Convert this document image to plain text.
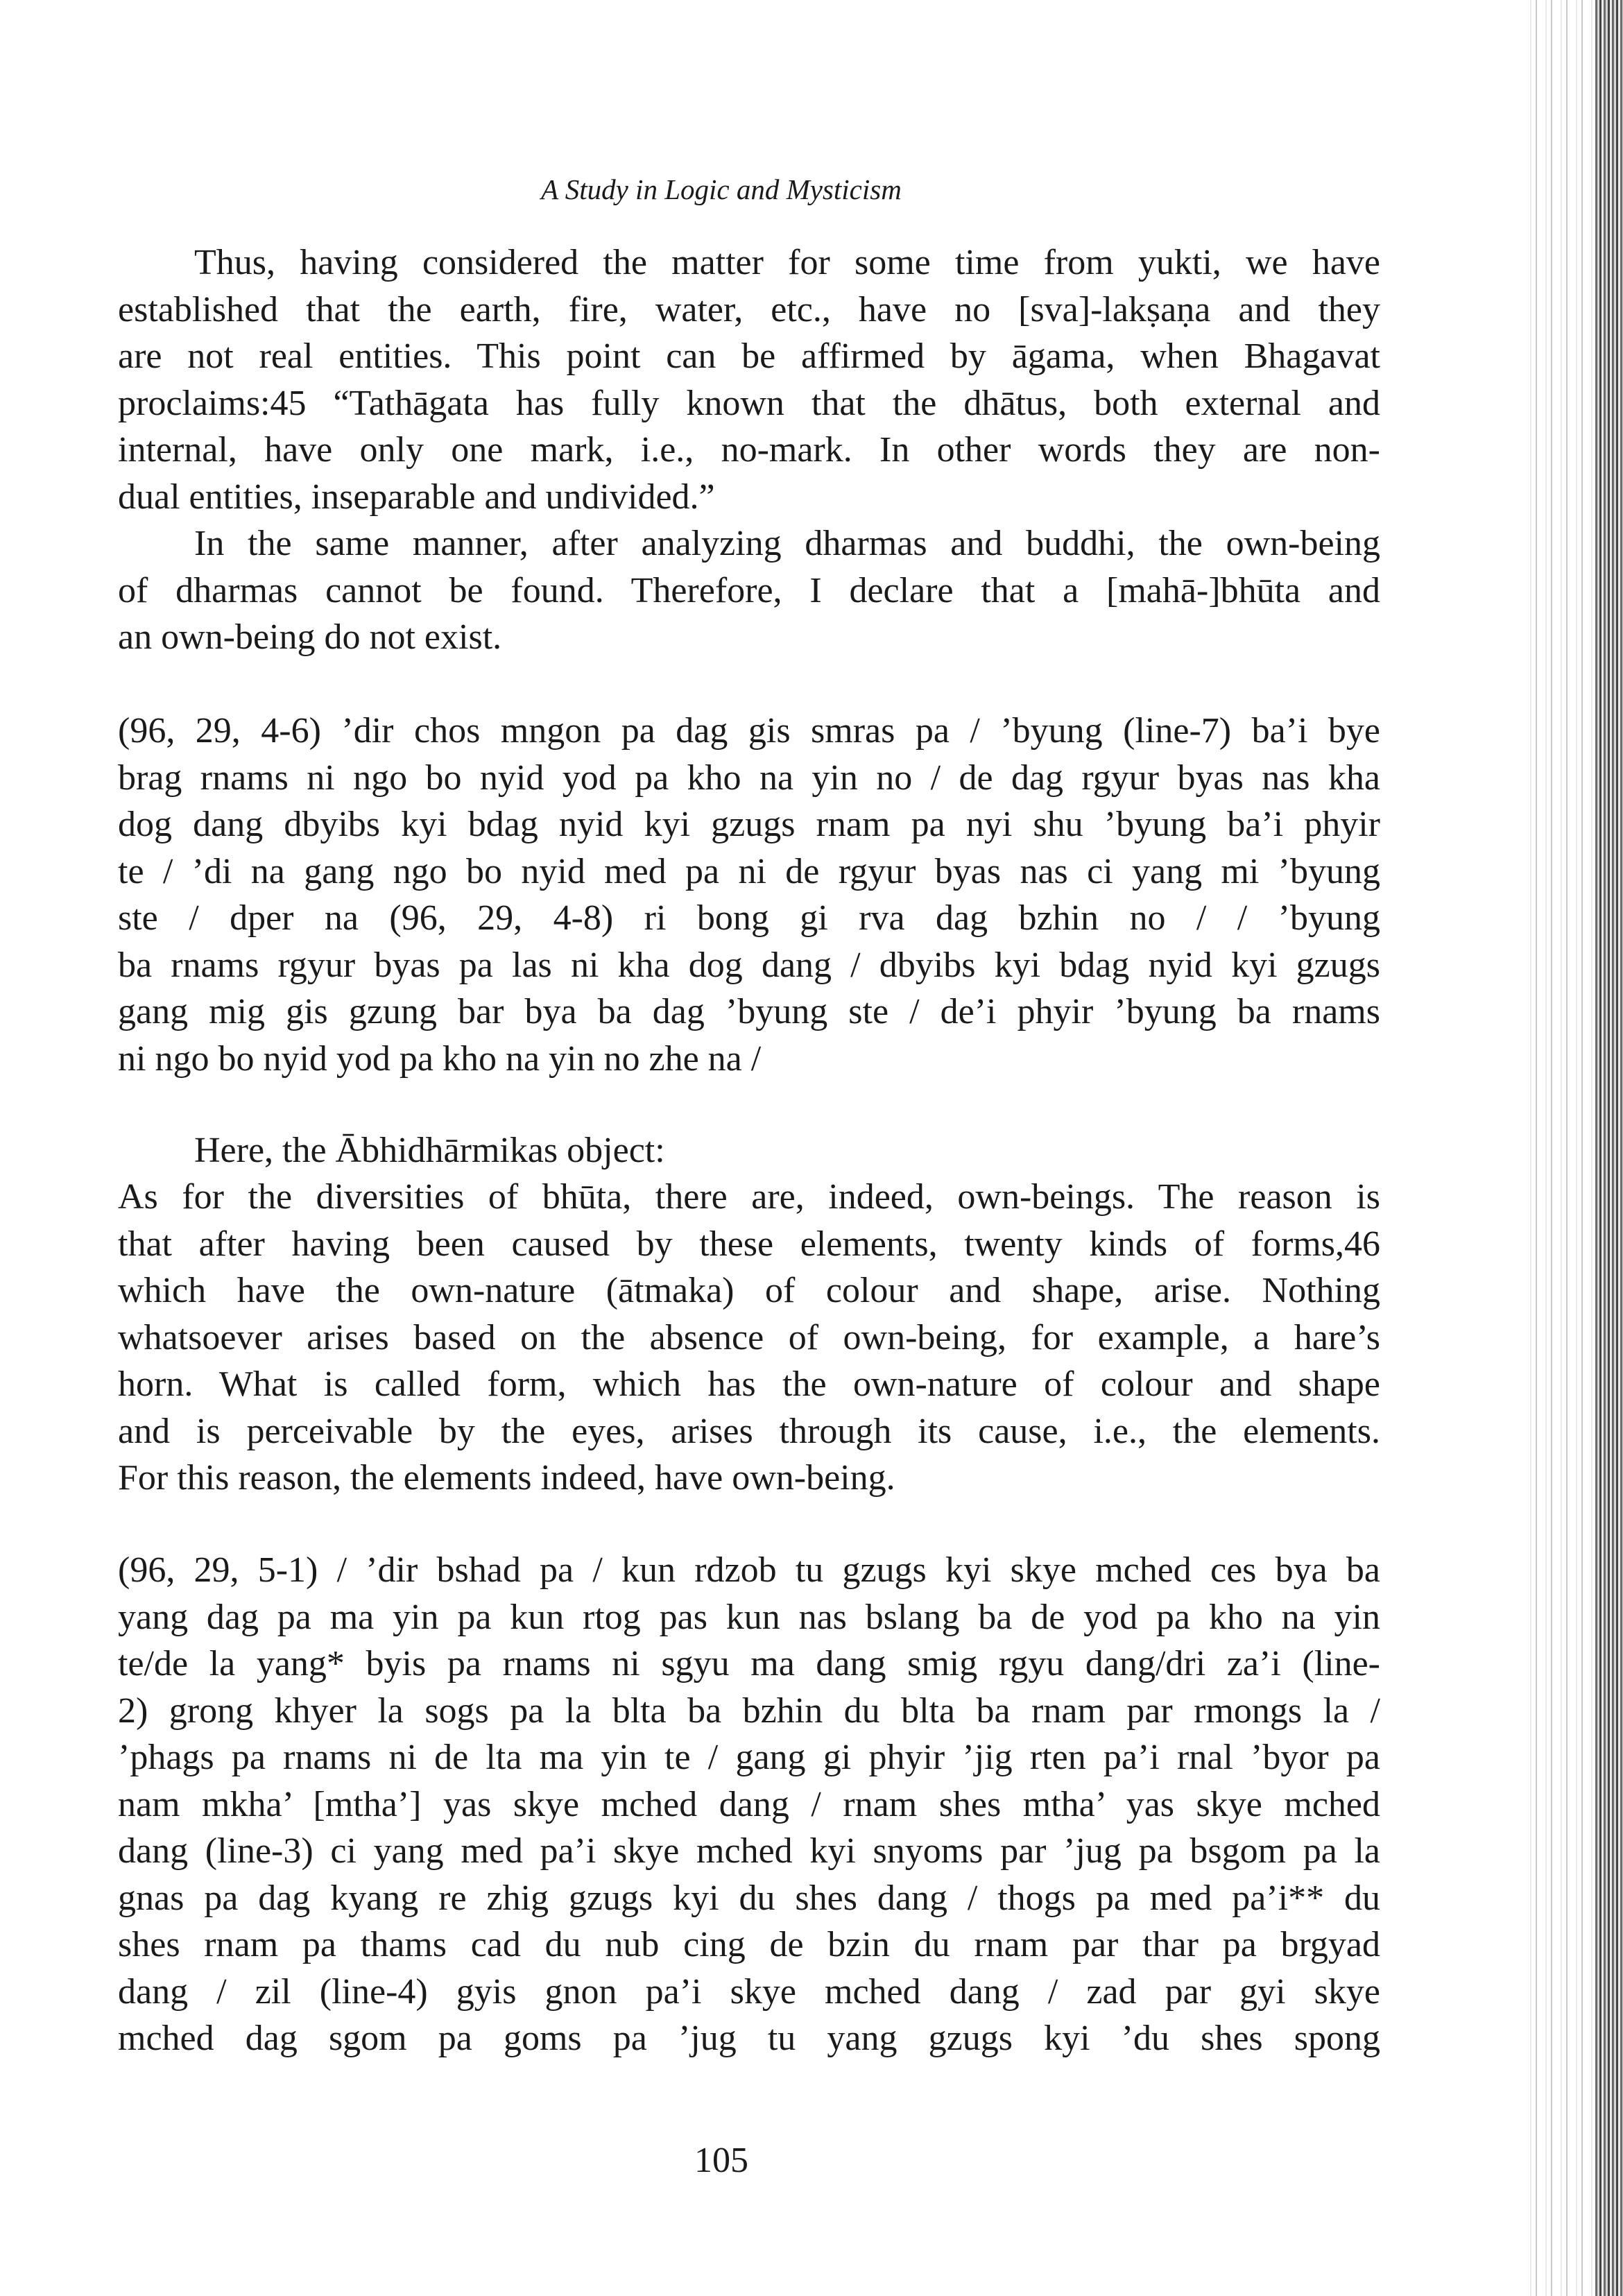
A Study in Logic and Mysticism
Thus, having considered the matter for some time from yukti, we have
established that the earth, fire, water, etc., have no [sva]-lakṣaṇa and they
are not real entities. This point can be affirmed by āgama, when Bhagavat
proclaims:45 “Tathāgata has fully known that the dhātus, both external and
internal, have only one mark, i.e., no-mark. In other words they are non-
dual entities, inseparable and undivided.”
In the same manner, after analyzing dharmas and buddhi, the own-being
of dharmas cannot be found. Therefore, I declare that a [mahā-]bhūta and
an own-being do not exist.
(96, 29, 4-6) ’dir chos mngon pa dag gis smras pa / ’byung (line-7) ba’i bye
brag rnams ni ngo bo nyid yod pa kho na yin no / de dag rgyur byas nas kha
dog dang dbyibs kyi bdag nyid kyi gzugs rnam pa nyi shu ’byung ba’i phyir
te / ’di na gang ngo bo nyid med pa ni de rgyur byas nas ci yang mi ’byung
ste / dper na (96, 29, 4-8) ri bong gi rva dag bzhin no / / ’byung
ba rnams rgyur byas pa las ni kha dog dang / dbyibs kyi bdag nyid kyi gzugs
gang mig gis gzung bar bya ba dag ’byung ste / de’i phyir ’byung ba rnams
ni ngo bo nyid yod pa kho na yin no zhe na /
Here, the Ābhidhārmikas object:
As for the diversities of bhūta, there are, indeed, own-beings. The reason is
that after having been caused by these elements, twenty kinds of forms,46
which have the own-nature (ātmaka) of colour and shape, arise. Nothing
whatsoever arises based on the absence of own-being, for example, a hare’s
horn. What is called form, which has the own-nature of colour and shape
and is perceivable by the eyes, arises through its cause, i.e., the elements.
For this reason, the elements indeed, have own-being.
(96, 29, 5-1) / ’dir bshad pa / kun rdzob tu gzugs kyi skye mched ces bya ba
yang dag pa ma yin pa kun rtog pas kun nas bslang ba de yod pa kho na yin
te/de la yang* byis pa rnams ni sgyu ma dang smig rgyu dang/dri za’i (line-
2) grong khyer la sogs pa la blta ba bzhin du blta ba rnam par rmongs la /
’phags pa rnams ni de lta ma yin te / gang gi phyir ’jig rten pa’i rnal ’byor pa
nam mkha’ [mtha’] yas skye mched dang / rnam shes mtha’ yas skye mched
dang (line-3) ci yang med pa’i skye mched kyi snyoms par ’jug pa bsgom pa la
gnas pa dag kyang re zhig gzugs kyi du shes dang / thogs pa med pa’i** du
shes rnam pa thams cad du nub cing de bzin du rnam par thar pa brgyad
dang / zil (line-4) gyis gnon pa’i skye mched dang / zad par gyi skye
mched dag sgom pa goms pa ’jug tu yang gzugs kyi ’du shes spong
105
